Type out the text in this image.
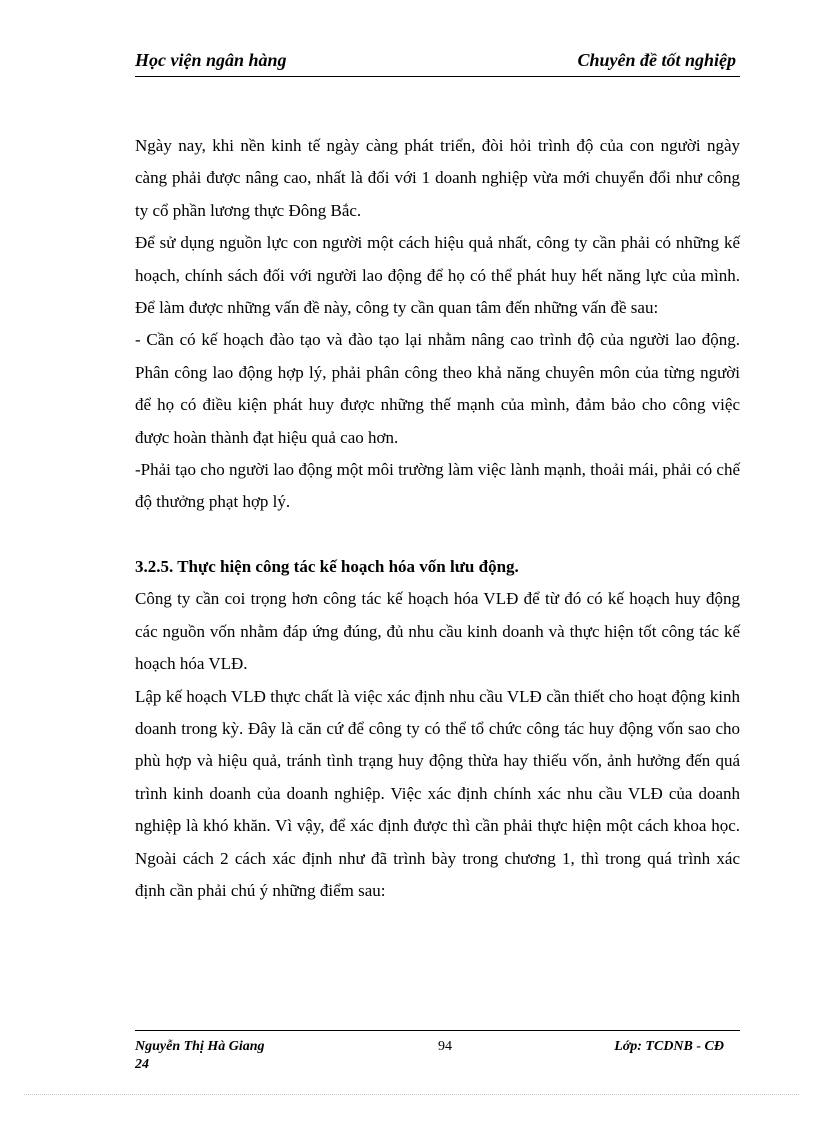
Học viện ngân hàng	Chuyên đề tốt nghiệp

Ngày nay, khi nền kinh tế ngày càng phát triển, đòi hỏi trình độ của con người ngày càng phải được nâng cao, nhất là đối với 1 doanh nghiệp vừa mới chuyển đổi như công ty cổ phần lương thực Đông Bắc.

Để sử dụng nguồn lực con người một cách hiệu quả nhất, công ty cần phải có những kế hoạch, chính sách đối với người lao động để họ có thể phát huy hết năng lực của mình. Để làm được những vấn đề này, công ty cần quan tâm đến những vấn đề sau:

- Cần có kế hoạch đào tạo và đào tạo lại nhằm nâng cao trình độ của người lao động. Phân công lao động hợp lý, phải phân công theo khả năng chuyên môn của từng người để họ có điều kiện phát huy được những thế mạnh của mình, đảm bảo cho công việc được hoàn thành đạt hiệu quả cao hơn.

-Phải tạo cho người lao động một môi trường làm việc lành mạnh, thoải mái, phải có chế độ thưởng phạt hợp lý.

3.2.5. Thực hiện công tác kế hoạch hóa vốn lưu động.

Công ty cần coi trọng hơn công tác kế hoạch hóa VLĐ để từ đó có kế hoạch huy động các nguồn vốn nhằm đáp ứng đúng, đủ nhu cầu kinh doanh và thực hiện tốt công tác kế hoạch hóa VLĐ.

Lập kế hoạch VLĐ thực chất là việc xác định nhu cầu VLĐ cần thiết cho hoạt động kinh doanh trong kỳ. Đây là căn cứ để công ty có thể tổ chức công tác huy động vốn sao cho phù hợp và hiệu quả, tránh tình trạng huy động thừa hay thiếu vốn, ảnh hưởng đến quá trình kinh doanh của doanh nghiệp. Việc xác định chính xác nhu cầu VLĐ của doanh nghiệp là khó khăn. Vì vậy, để xác định được thì cần phải thực hiện một cách khoa học. Ngoài cách 2 cách xác định như đã trình bày trong chương 1, thì trong quá trình xác định cần phải chú ý những điểm sau:

Nguyễn Thị Hà Giang	94	Lớp: TCDNB - CĐ
24
